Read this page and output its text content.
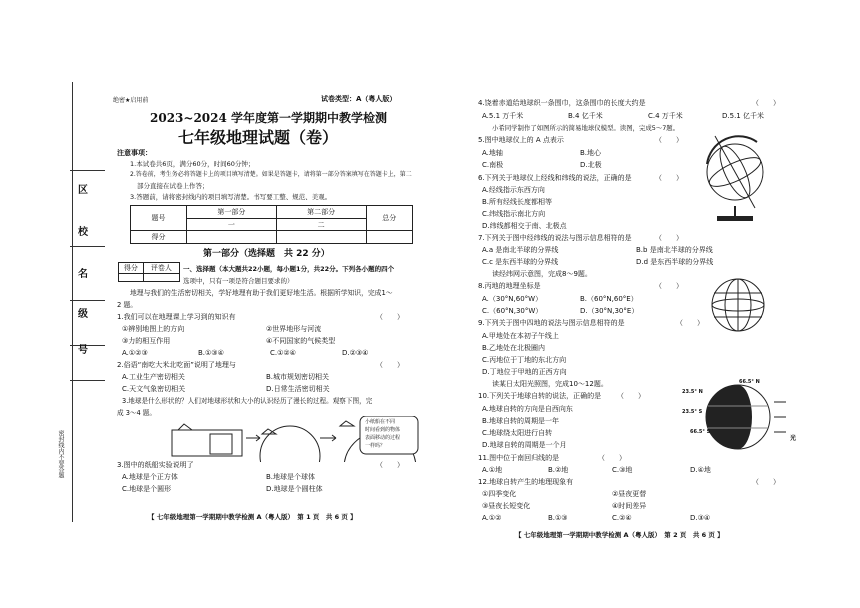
区
校
名
级
号
密封线内不要答题
绝密★启用前	试卷类型：A（粤人版）
2023~2024 学年度第一学期期中教学检测
七年级地理试题（卷）
注意事项：
1.本试卷共6页，满分60分，时间60分钟；
2.答卷前，考生务必将答题卡上的项目填写清楚。如果是答题卡，请将第一部分答案填写在答题卡上，第二
部分直接在试卷上作答；
3.答题前，请将密封线内的项目填写清楚。书写要工整、规范、美观。
题号	第一部分	第二部分	总分
	一	二	
得分			
第一部分（选择题　共 22 分）
得分	评卷人
	一、选择题（本大题共22小题，每小题1分，共22分。下列各小题的四个
选项中，只有一项是符合题目要求的）
地理与我们的生活密切相关，学好地理有助于我们更好地生活。根据所学知识，完成1～
2 题。
1.我们可以在地理课上学习到的知识有	（　　）
①辨别地图上的方向	②世界地形与河流
③力的相互作用	④不同国家的气候类型
A.①②③	B.①③④	C.①②④	D.②③④
2.俗语“南吃大米北吃面”说明了地理与	（　　）
A.工业生产密切相关	B.城市规划密切相关
C.天文气象密切相关	D.日常生活密切相关
3.地球是什么形状的？人们对地球形状和大小的认识经历了漫长的过程。观察下图，完
成 3～4 题。
小纸船在不同
时间看到的物体
表面移动的过程
一样吗？
3.图中的纸船实验说明了	（　　）
A.地球是个正方体	B.地球是个球体
C.地球是个圆形	D.地球是个圆柱体
【 七年级地理第一学期期中教学检测 A（粤人版）　第 1 页　共 6 页 】
4.饶着赤道给地球织一条围巾，这条围巾的长度大约是	（　　）
A.5.1 万千米	B.4 亿千米	C.4 万千米	D.5.1 亿千米
小希同学制作了如图所示的简易地球仪模型。读图，完成5～7题。
5.图中地球仪上的 A 点表示	（　　）
A.地轴	B.地心
C.南极	D.北极
6.下列关于地球仪上经线和纬线的说法，正确的是	（　　）
A.经线指示东西方向
B.所有经线长度都相等
C.纬线指示南北方向
D.纬线都相交于南、北极点
7.下列关于图中经纬线的说法与图示信息相符的是	（　　）
A.a 是南北半球的分界线	B.b 是南北半球的分界线
C.c 是东西半球的分界线	D.d 是东西半球的分界线
读经纬网示意图，完成8～9题。
8.丙地的地理坐标是	（　　）
A.（30°N,60°W）	B.（60°N,60°E）
C.（60°N,30°W）	D.（30°N,30°E）
9.下列关于图中四地的说法与图示信息相符的是	（　　）
A.甲地处在本初子午线上
B.乙地处在北极圈内
C.丙地位于丁地的东北方向
D.丁地位于甲地的正西方向
读某日太阳光照图，完成10～12题。
10.下列关于地球自转的说法，正确的是 （　　）
A.地球自转的方向是自西向东
B.地球自转的周期是一年
C.地球绕太阳进行自转
D.地球自转的周期是一个月
66.5° N
23.5° N
23.5° S
66.5° S
光
11.图中位于南回归线的是	（　　）
A.①地	B.②地	C.③地	D.④地
12.地球自转产生的地理现象有	（　　）
①四季变化	②昼夜更替
③昼夜长短变化	④时间差异
A.①②	B.①③	C.②④	D.③④
【 七年级地理第一学期期中教学检测 A（粤人版）　第 2 页　共 6 页 】
